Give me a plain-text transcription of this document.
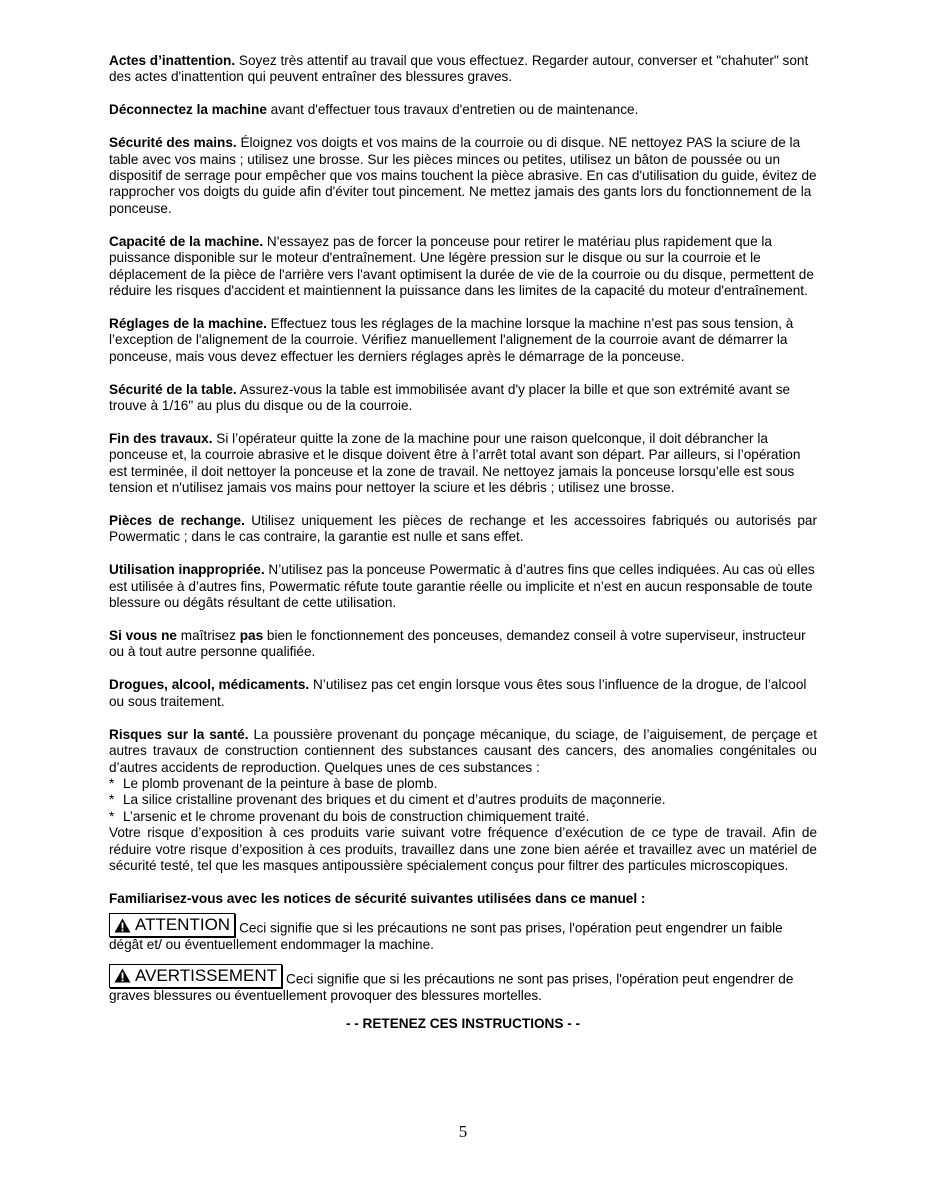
Actes d’inattention. Soyez très attentif au travail que vous effectuez. Regarder autour, converser et "chahuter" sont des actes d'inattention qui peuvent entraîner des blessures graves.

Déconnectez la machine avant d'effectuer tous travaux d'entretien ou de maintenance.

Sécurité des mains. Éloignez vos doigts et vos mains de la courroie ou di disque. NE nettoyez PAS la sciure de la table avec vos mains ; utilisez une brosse. Sur les pièces minces ou petites, utilisez un bâton de poussée ou un dispositif de serrage pour empêcher que vos mains touchent la pièce abrasive. En cas d'utilisation du guide, évitez de rapprocher vos doigts du guide afin d'éviter tout pincement. Ne mettez jamais des gants lors du fonctionnement de la ponceuse.

Capacité de la machine. N'essayez pas de forcer la ponceuse pour retirer le matériau plus rapidement que la puissance disponible sur le moteur d'entraînement. Une légère pression sur le disque ou sur la courroie et le déplacement de la pièce de l'arrière vers l'avant optimisent la durée de vie de la courroie ou du disque, permettent de réduire les risques d'accident et maintiennent la puissance dans les limites de la capacité du moteur d'entraînement.

Réglages de la machine. Effectuez tous les réglages de la machine lorsque la machine n’est pas sous tension, à l’exception de l'alignement de la courroie. Vérifiez manuellement l'alignement de la courroie avant de démarrer la ponceuse, mais vous devez effectuer les derniers réglages après le démarrage de la ponceuse.

Sécurité de la table. Assurez-vous la table est immobilisée avant d'y placer la bille et que son extrémité avant se trouve à 1/16" au plus du disque ou de la courroie.

Fin des travaux. Si l’opérateur quitte la zone de la machine pour une raison quelconque, il doit débrancher la ponceuse et, la courroie abrasive et le disque doivent être à l’arrêt total avant son départ. Par ailleurs, si l’opération est terminée, il doit nettoyer la ponceuse et la zone de travail. Ne nettoyez jamais la ponceuse lorsqu’elle est sous tension et n'utilisez jamais vos mains pour nettoyer la sciure et les débris ; utilisez une brosse.

Pièces de rechange. Utilisez uniquement les pièces de rechange et les accessoires fabriqués ou autorisés par Powermatic ; dans le cas contraire, la garantie est nulle et sans effet.

Utilisation inappropriée. N’utilisez pas la ponceuse Powermatic à d’autres fins que celles indiquées. Au cas où elles est utilisée à d’autres fins, Powermatic réfute toute garantie réelle ou implicite et n’est en aucun responsable de toute blessure ou dégâts résultant de cette utilisation.

Si vous ne maîtrisez pas bien le fonctionnement des ponceuses, demandez conseil à votre superviseur, instructeur ou à tout autre personne qualifiée.

Drogues, alcool, médicaments. N’utilisez pas cet engin lorsque vous êtes sous l’influence de la drogue, de l’alcool ou sous traitement.

Risques sur la santé. La poussière provenant du ponçage mécanique, du sciage, de l’aiguisement, de perçage et autres travaux de construction contiennent des substances causant des cancers, des anomalies congénitales ou d’autres accidents de reproduction. Quelques unes de ces substances :
* Le plomb provenant de la peinture à base de plomb.
* La silice cristalline provenant des briques et du ciment et d’autres produits de maçonnerie.
* L’arsenic et le chrome provenant du bois de construction chimiquement traité.
Votre risque d’exposition à ces produits varie suivant votre fréquence d’exécution de ce type de travail. Afin de réduire votre risque d’exposition à ces produits, travaillez dans une zone bien aérée et travaillez avec un matériel de sécurité testé, tel que les masques antipoussière spécialement conçus pour filtrer des particules microscopiques.

Familiarisez-vous avec les notices de sécurité suivantes utilisées dans ce manuel :

ATTENTION Ceci signifie que si les précautions ne sont pas prises, l'opération peut engendrer un faible dégât et/ ou éventuellement endommager la machine.

AVERTISSEMENT Ceci signifie que si les précautions ne sont pas prises, l'opération peut engendrer de graves blessures ou éventuellement provoquer des blessures mortelles.

- - RETENEZ CES INSTRUCTIONS - -

5
